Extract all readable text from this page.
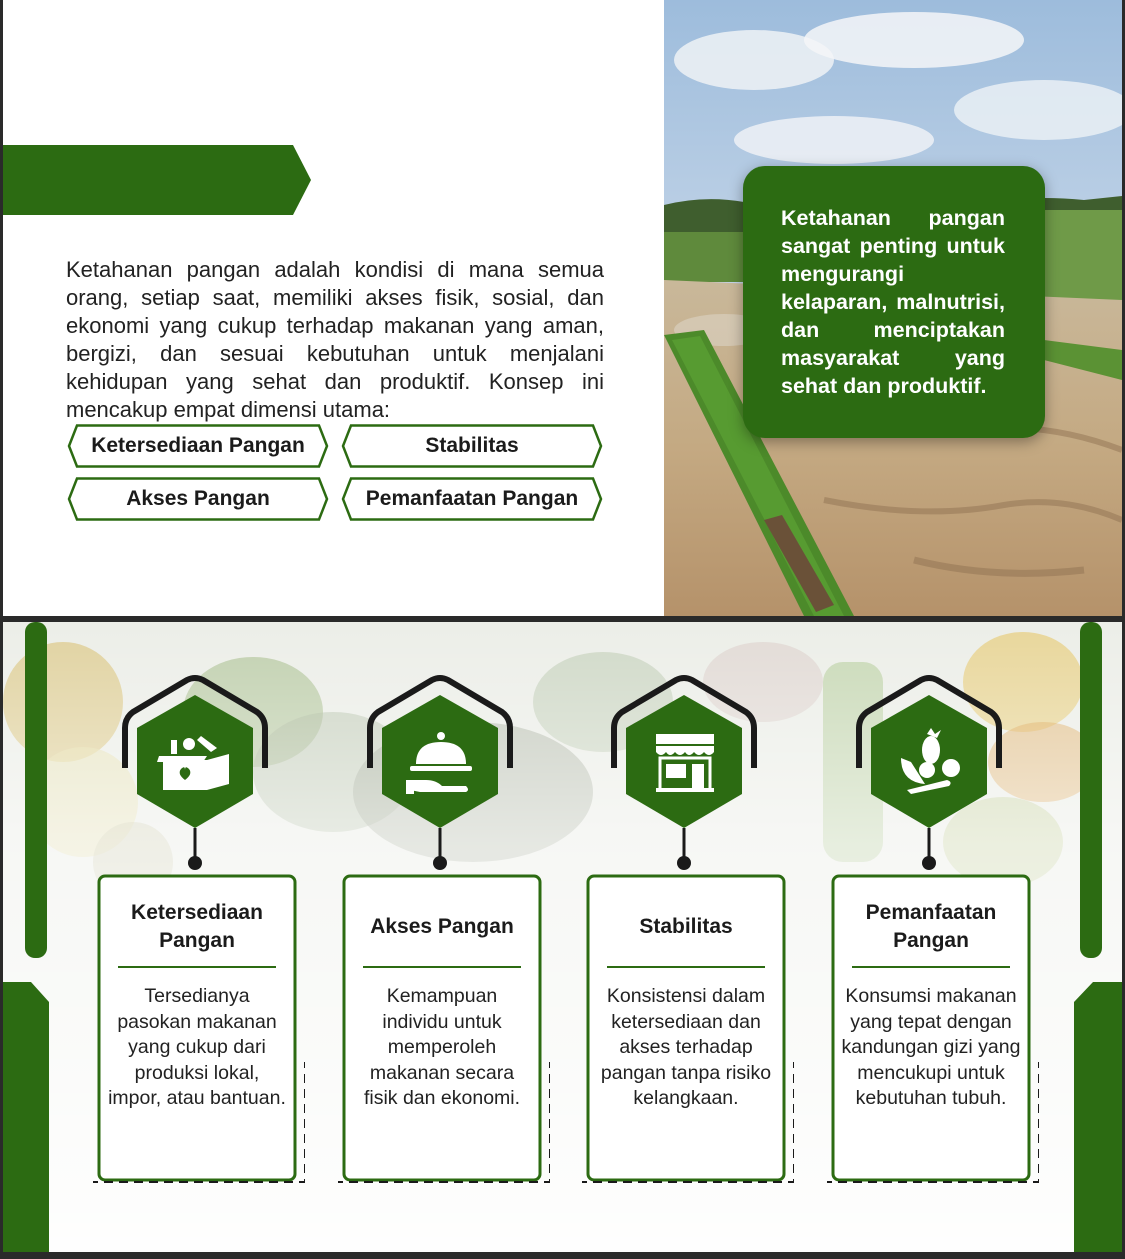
Ketahanan pangan adalah kondisi di mana semua orang, setiap saat, memiliki akses fisik, sosial, dan ekonomi yang cukup terhadap makanan yang aman, bergizi, dan sesuai kebutuhan untuk menjalani kehidupan yang sehat dan produktif. Konsep ini mencakup empat dimensi utama:

Ketersediaan Pangan	Stabilitas
Akses Pangan	Pemanfaatan Pangan
Ketahanan pangan sangat penting untuk mengurangi kelaparan, malnutrisi, dan menciptakan masyarakat yang sehat dan produktif.
Ketersediaan Pangan
Tersedianya pasokan makanan yang cukup dari produksi lokal, impor, atau bantuan.
Akses Pangan
Kemampuan individu untuk memperoleh makanan secara fisik dan ekonomi.
Stabilitas
Konsistensi dalam ketersediaan dan akses terhadap pangan tanpa risiko kelangkaan.
Pemanfaatan Pangan
Konsumsi makanan yang tepat dengan kandungan gizi yang mencukupi untuk kebutuhan tubuh.
